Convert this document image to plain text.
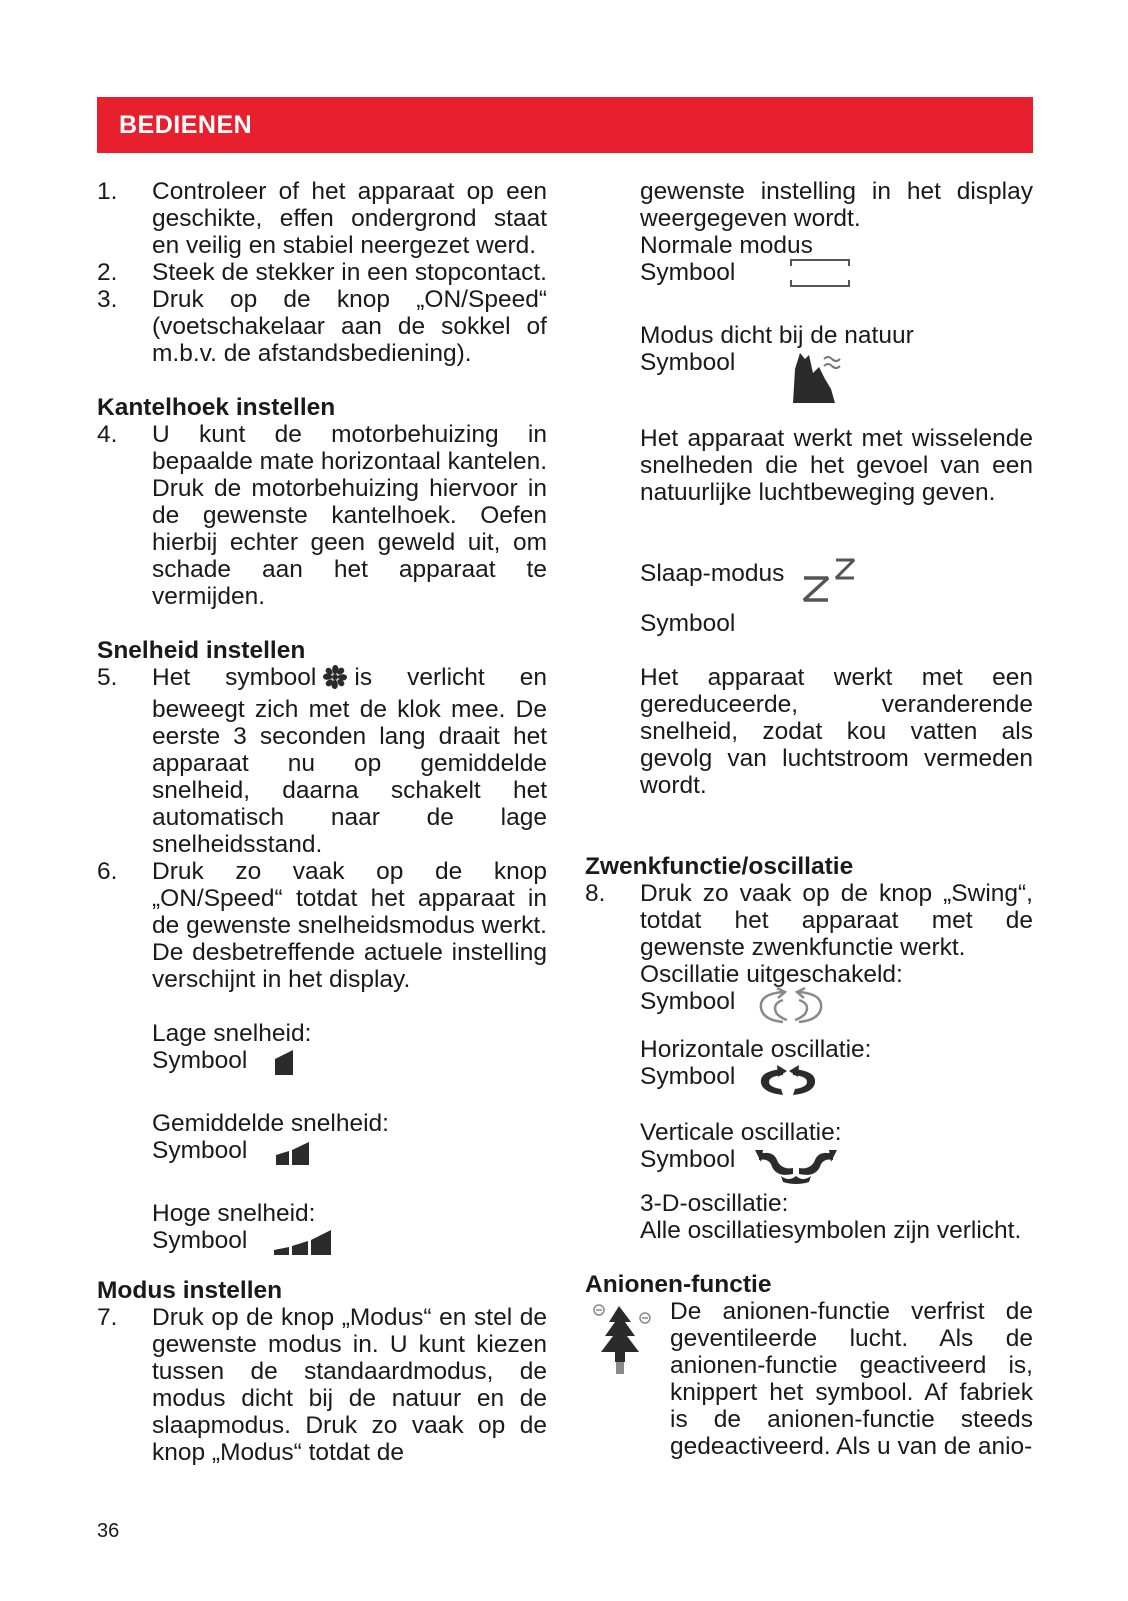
BEDIENEN
1. Controleer of het apparaat op een geschikte, effen ondergrond staat en veilig en stabiel neergezet werd.

2. Steek de stekker in een stopcontact.

3. Druk op de knop „ON/Speed“ (voetschakelaar aan de sokkel of m.b.v. de afstandsbediening).

Kantelhoek instellen

4. U kunt de motorbehuizing in bepaalde mate horizontaal kantelen. Druk de motorbehuizing hiervoor in de gewenste kantelhoek. Oefen hierbij echter geen geweld uit, om schade aan het apparaat te vermijden.

Snelheid instellen

5. Het symbool is verlicht en beweegt zich met de klok mee. De eerste 3 seconden lang draait het apparaat nu op gemiddelde snelheid, daarna schakelt het automatisch naar de lage snelheidsstand.

6. Druk zo vaak op de knop „ON/Speed“ totdat het apparaat in de gewenste snelheidsmodus werkt. De desbetreffende actuele instelling verschijnt in het display.

Lage snelheid:
Symbool
Gemiddelde snelheid:
Symbool
Hoge snelheid:
Symbool

Modus instellen

7. Druk op de knop „Modus“ en stel de gewenste modus in. U kunt kiezen tussen de standaardmodus, de modus dicht bij de natuur en de slaapmodus. Druk zo vaak op de knop „Modus“ totdat de

gewenste instelling in het display weergegeven wordt.
Normale modus
Symbool
Modus dicht bij de natuur
Symbool
Het apparaat werkt met wisselende snelheden die het gevoel van een natuurlijke luchtbeweging geven.
Slaap-modus
Symbool
Het apparaat werkt met een gereduceerde, veranderende snelheid, zodat kou vatten als gevolg van luchtstroom vermeden wordt.

Zwenkfunctie/oscillatie

8. Druk zo vaak op de knop „Swing“, totdat het apparaat met de gewenste zwenkfunctie werkt.

Oscillatie uitgeschakeld:
Symbool
Horizontale oscillatie:
Symbool
Verticale oscillatie:
Symbool
3-D-oscillatie:
Alle oscillatiesymbolen zijn verlicht.

Anionen-functie

De anionen-functie verfrist de geventileerde lucht. Als de anionen-functie geactiveerd is, knippert het symbool. Af fabriek is de anionen-functie steeds gedeactiveerd. Als u van de anio-

36
